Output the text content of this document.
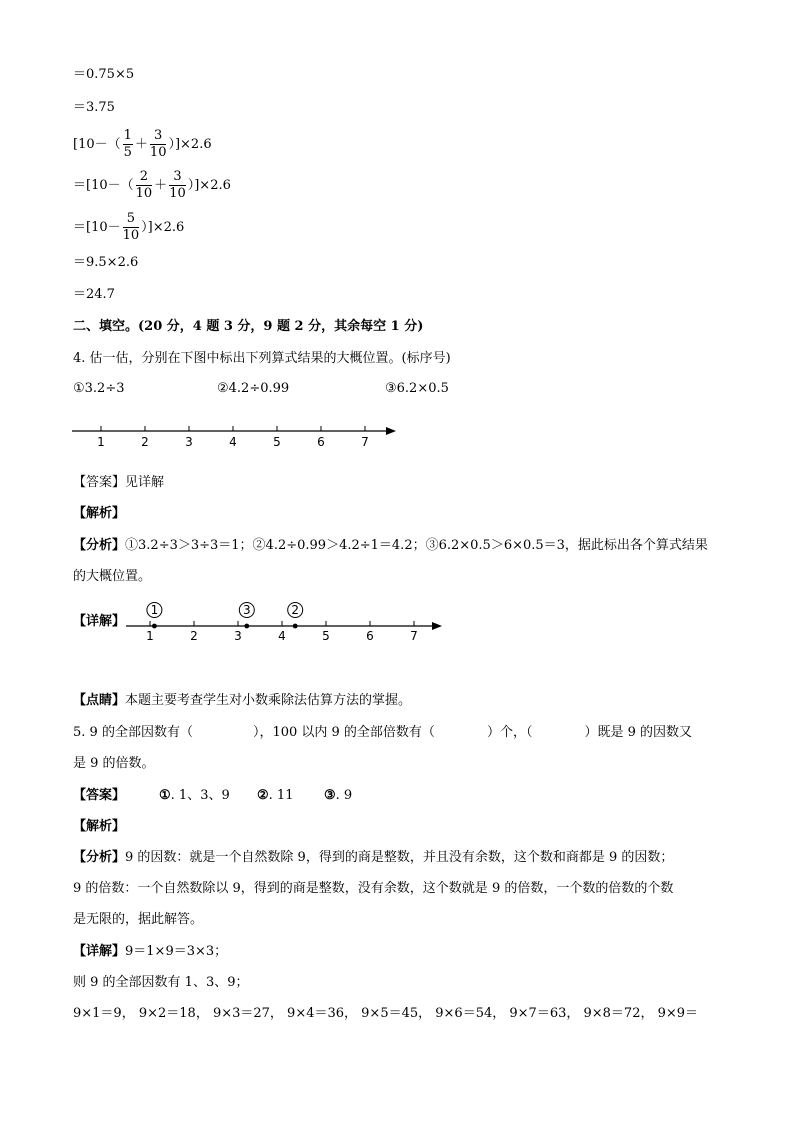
＝0.75×5
＝3.75
$[10-( \frac{1}{5} + \frac{3}{10} )]\times 2.6$
$=[10-( \frac{2}{10} + \frac{3}{10} )]\times 2.6$
$=[10- \frac{5}{10} )]\times 2.6$
＝9.5×2.6
＝24.7
二、填空。(20 分，4 题 3 分，9 题 2 分，其余每空 1 分)
4. 估一估，分别在下图中标出下列算式结果的大概位置。(标序号)
①3.2÷3	②4.2÷0.99	③6.2×0.5
1	2	3	4	5	6	7
【答案】见详解
【解析】
【分析】①3.2÷3＞3÷3＝1；②4.2÷0.99＞4.2÷1＝4.2；③6.2×0.5＞6×0.5＝3，据此标出各个算式结果
的大概位置。
【详解】
1	2	3	4	5	6	7
1	3	2
【点睛】本题主要考查学生对小数乘除法估算方法的掌握。
5. 9 的全部因数有（	），100 以内 9 的全部倍数有（	）个，（	）既是 9 的因数又
是 9 的倍数。
【答案】	①. 1、3、9 ②. 11 ③. 9
【解析】
【分析】9 的因数：就是一个自然数除 9，得到的商是整数，并且没有余数，这个数和商都是 9 的因数；
9 的倍数：一个自然数除以 9，得到的商是整数，没有余数，这个数就是 9 的倍数，一个数的倍数的个数
是无限的，据此解答。
【详解】9＝1×9＝3×3；
则 9 的全部因数有 1、3、9；
9×1＝9， 9×2＝18， 9×3＝27， 9×4＝36， 9×5＝45， 9×6＝54， 9×7＝63， 9×8＝72， 9×9＝
